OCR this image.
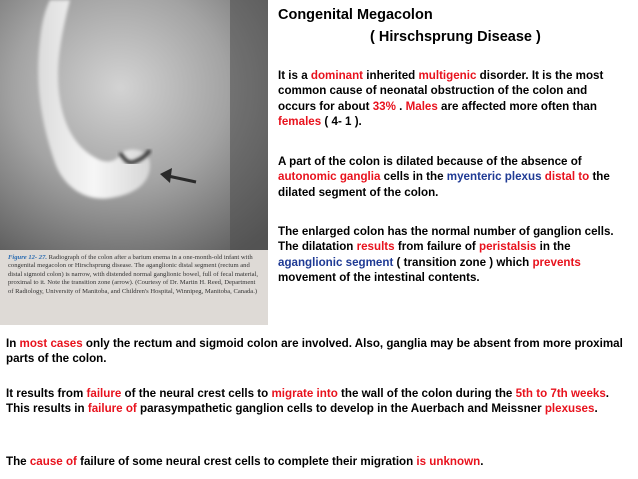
Figure 12- 27. Radiograph of the colon after a barium enema in a one-month-old infant with congenital megacolon or Hirschsprung disease. The aganglionic distal segment (rectum and distal sigmoid colon) is narrow, with distended normal ganglionic bowel, full of fecal material, proximal to it. Note the transition zone (arrow). (Courtesy of Dr. Martin H. Reed, Department of Radiology, University of Manitoba, and Children's Hospital, Winnipeg, Manitoba, Canada.)
Congenital Megacolon
( Hirschsprung Disease )

It is a dominant inherited multigenic disorder. It is the most common cause of neonatal obstruction of the colon and occurs for about 33% . Males are affected more often than females ( 4- 1 ).

A part of the colon is dilated because of the absence of autonomic ganglia cells in the myenteric plexus distal to the dilated segment of the colon.

The enlarged colon has the normal number of ganglion cells. The dilatation results from failure of peristalsis in the aganglionic segment ( transition zone ) which prevents movement of the intestinal contents.

In most cases only the rectum and sigmoid colon are involved. Also, ganglia may be absent from more proximal parts of the colon.

It results from failure of the neural crest cells to migrate into the wall of the colon during the 5th to 7th weeks. This results in failure of parasympathetic ganglion cells to develop in the Auerbach and Meissner plexuses.

The cause of failure of some neural crest cells to complete their migration is unknown.
